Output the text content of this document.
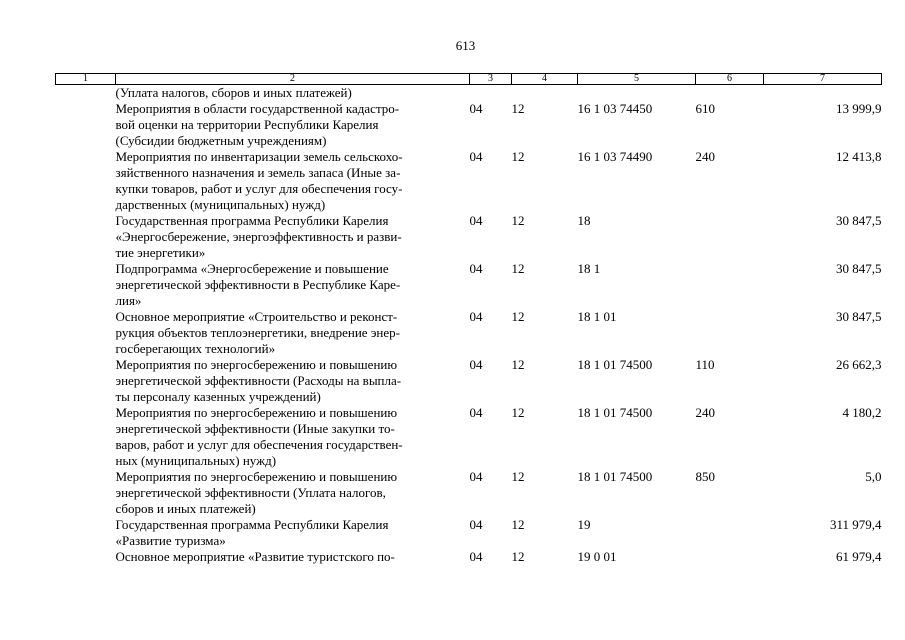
613
1	2	3	4	5	6	7

	(Уплата налогов, сборов и иных платежей)					

	Мероприятия в области государственной кадастро-
вой оценки на территории Республики Карелия
(Субсидии бюджетным учреждениям)	04	12	16 1 03 74450	610	13 999,9

	Мероприятия по инвентаризации земель сельскохо-
зяйственного назначения и земель запаса (Иные за-
купки товаров, работ и услуг для обеспечения госу-
дарственных (муниципальных) нужд)	04	12	16 1 03 74490	240	12 413,8

	Государственная программа Республики Карелия
«Энергосбережение, энергоэффективность и разви-
тие энергетики»	04	12	18		30 847,5

	Подпрограмма «Энергосбережение и повышение
энергетической эффективности в Республике Каре-
лия»	04	12	18 1		30 847,5

	Основное мероприятие «Строительство и реконст-
рукция объектов теплоэнергетики, внедрение энер-
госберегающих технологий»	04	12	18 1 01		30 847,5

	Мероприятия по энергосбережению и повышению
энергетической эффективности (Расходы на выпла-
ты персоналу казенных учреждений)	04	12	18 1 01 74500	110	26 662,3

	Мероприятия по энергосбережению и повышению
энергетической эффективности (Иные закупки то-
варов, работ и услуг для обеспечения государствен-
ных (муниципальных) нужд)	04	12	18 1 01 74500	240	4 180,2

	Мероприятия по энергосбережению и повышению
энергетической эффективности (Уплата налогов,
сборов и иных платежей)	04	12	18 1 01 74500	850	5,0

	Государственная программа Республики Карелия
«Развитие туризма»	04	12	19		311 979,4

	Основное мероприятие «Развитие туристского по-	04	12	19 0 01		61 979,4
